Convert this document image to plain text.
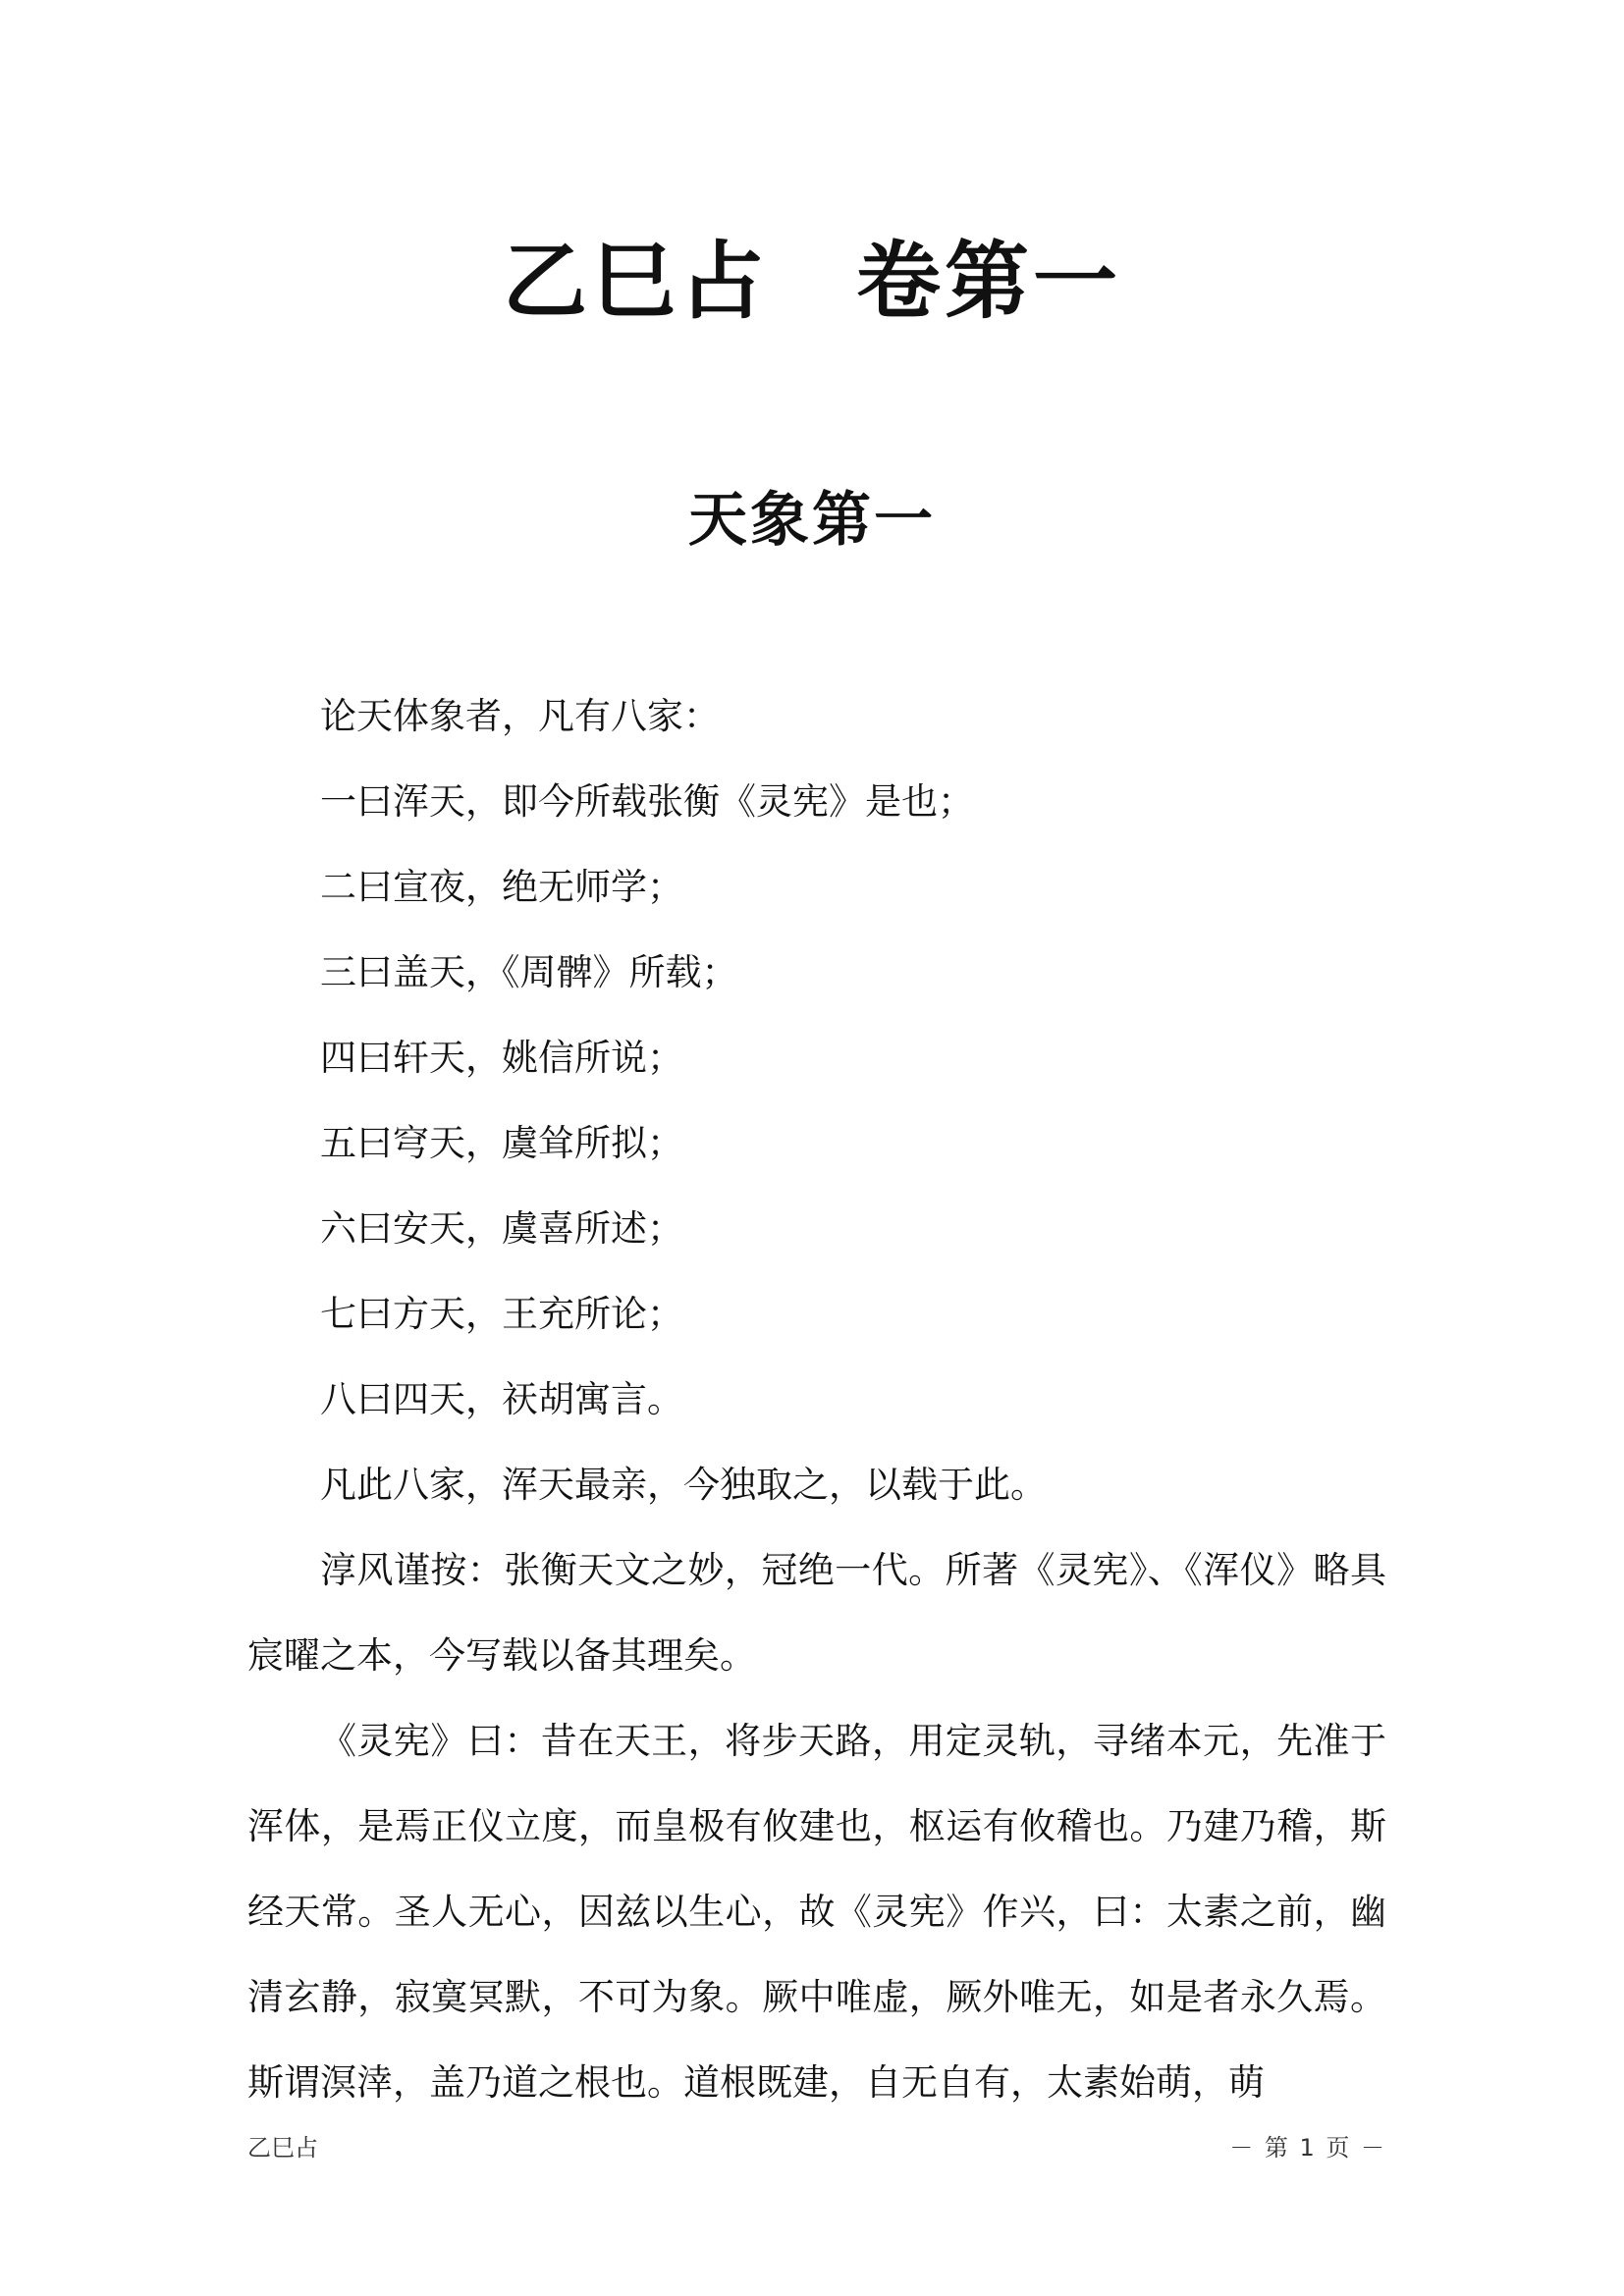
乙巳占　卷第一
天象第一

论天体象者，凡有八家：

一曰浑天，即今所载张衡《灵宪》是也；

二曰宣夜，绝无师学；

三曰盖天，《周髀》所载；

四曰轩天，姚信所说；

五曰穹天，虞耸所拟；

六曰安天，虞喜所述；

七曰方天，王充所论；

八曰四天，祆胡寓言。

凡此八家，浑天最亲，今独取之，以载于此。

淳风谨按：张衡天文之妙，冠绝一代。所著《灵宪》、《浑仪》略具宸曜之本，今写载以备其理矣。

《灵宪》曰：昔在天王，将步天路，用定灵轨，寻绪本元，先准于浑体，是焉正仪立度，而皇极有攸建也，枢运有攸稽也。乃建乃稽，斯经天常。圣人无心，因兹以生心，故《灵宪》作兴，曰：太素之前，幽清玄静，寂寞冥默，不可为象。厥中唯虚，厥外唯无，如是者永久焉。斯谓溟涬，盖乃道之根也。道根既建，自无自有，太素始萌，萌

乙巳占	－ 第 1 页 －
